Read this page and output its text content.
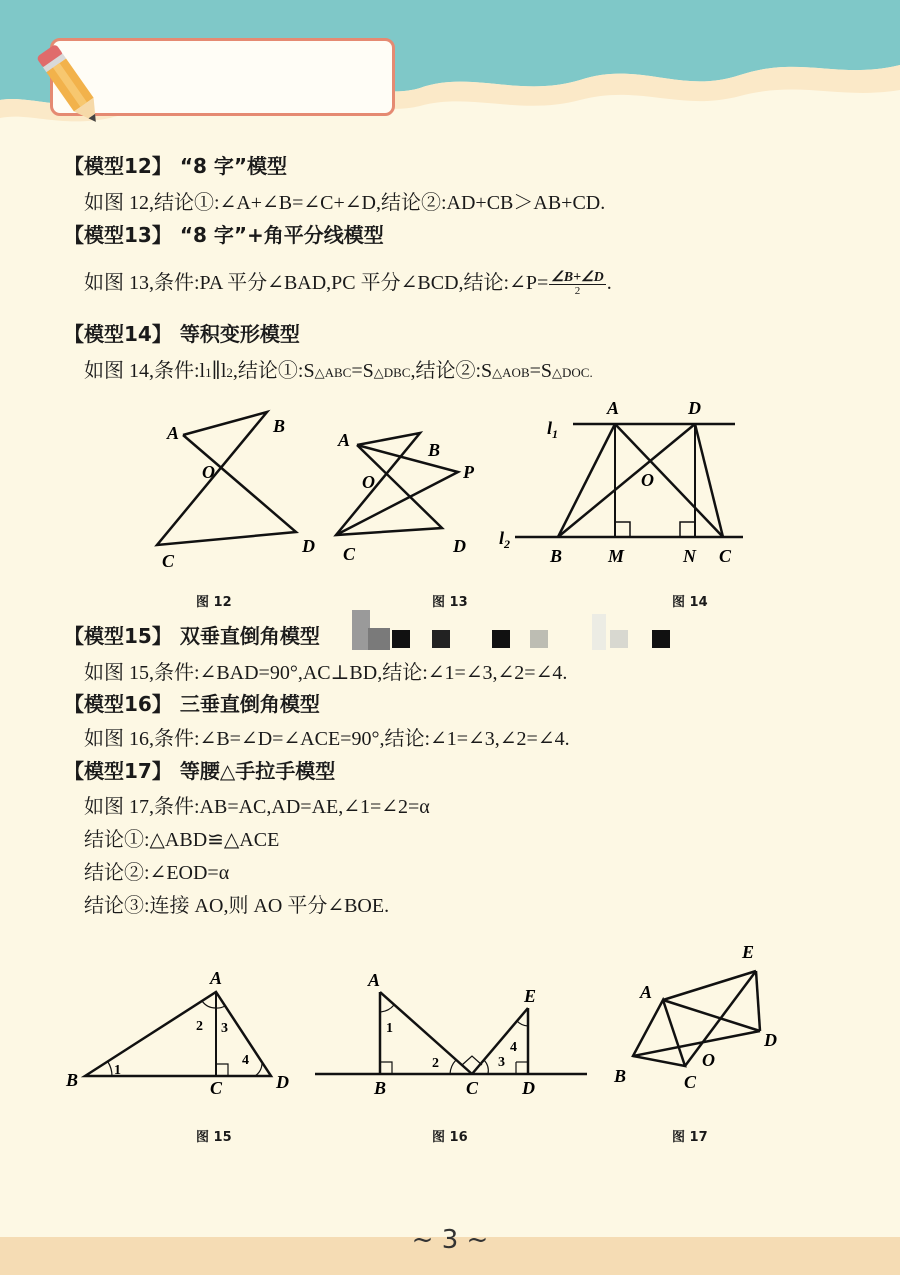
【模型12】 “8 字”模型
如图 12,结论①:∠A+∠B=∠C+∠D,结论②:AD+CB＞AB+CD.
【模型13】 “8 字”+角平分线模型
如图 13,条件:PA 平分∠BAD,PC 平分∠BCD,结论:∠P= $\frac{\angle B+\angle D}{2}$ .
【模型14】 等积变形模型
如图 14,条件:l1∥l2,结论①:S△ABC=S△DBC,结论②:S△AOB=S△DOC.
A	B
O
C
D
A	B
O	P
C	D
$l_1$
$l_2$
A	D
O
B	M	N C
图 12	图 13	图 14
【模型15】 双垂直倒角模型
如图 15,条件:∠BAD=90°,AC⊥BD,结论:∠1=∠3,∠2=∠4.
【模型16】 三垂直倒角模型
如图 16,条件:∠B=∠D=∠ACE=90°,结论:∠1=∠3,∠2=∠4.
【模型17】 等腰△手拉手模型
如图 17,条件:AB=AC,AD=AE,∠1=∠2=α
结论①:△ABD≌△ACE
结论②:∠EOD=α
结论③:连接 AO,则 AO 平分∠BOE.
A
B	C	D
1
2 3
4
A
B	C D
E
1
2	3
4
A
B	C
D
E
O
图 15	图 16	图 17
~ 3 ~
